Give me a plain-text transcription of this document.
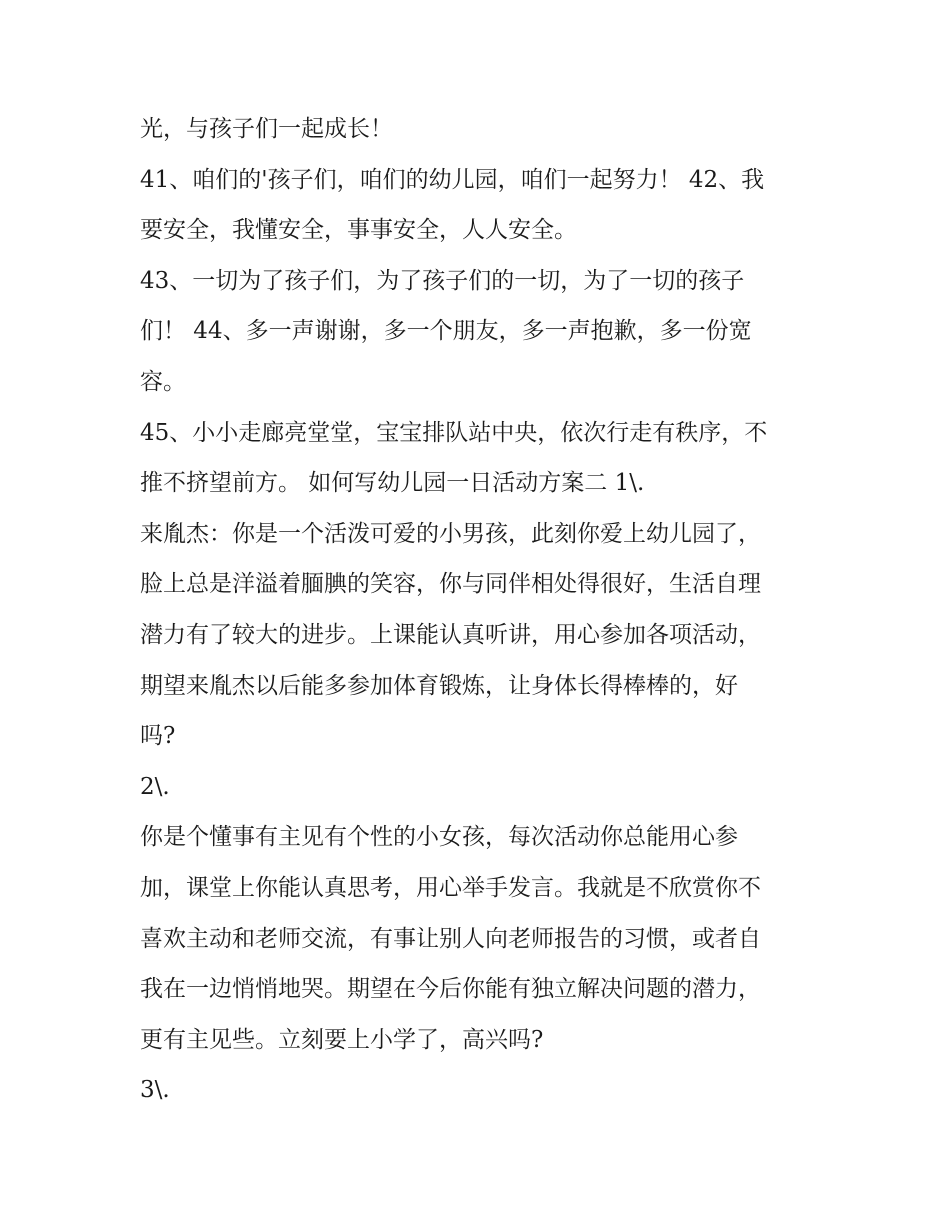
光，与孩子们一起成长！
41、咱们的'孩子们，咱们的幼儿园，咱们一起努力！ 42、我
要安全，我懂安全，事事安全，人人安全。
43、一切为了孩子们，为了孩子们的一切，为了一切的孩子
们！ 44、多一声谢谢，多一个朋友，多一声抱歉，多一份宽
容。
45、小小走廊亮堂堂，宝宝排队站中央，依次行走有秩序，不
推不挤望前方。 如何写幼儿园一日活动方案二 1\.
来胤杰：你是一个活泼可爱的小男孩，此刻你爱上幼儿园了，
脸上总是洋溢着腼腆的笑容，你与同伴相处得很好，生活自理
潜力有了较大的进步。上课能认真听讲，用心参加各项活动，
期望来胤杰以后能多参加体育锻炼，让身体长得棒棒的，好
吗?
2\.
你是个懂事有主见有个性的小女孩，每次活动你总能用心参
加，课堂上你能认真思考，用心举手发言。我就是不欣赏你不
喜欢主动和老师交流，有事让别人向老师报告的习惯，或者自
我在一边悄悄地哭。期望在今后你能有独立解决问题的潜力，
更有主见些。立刻要上小学了，高兴吗?
3\.
